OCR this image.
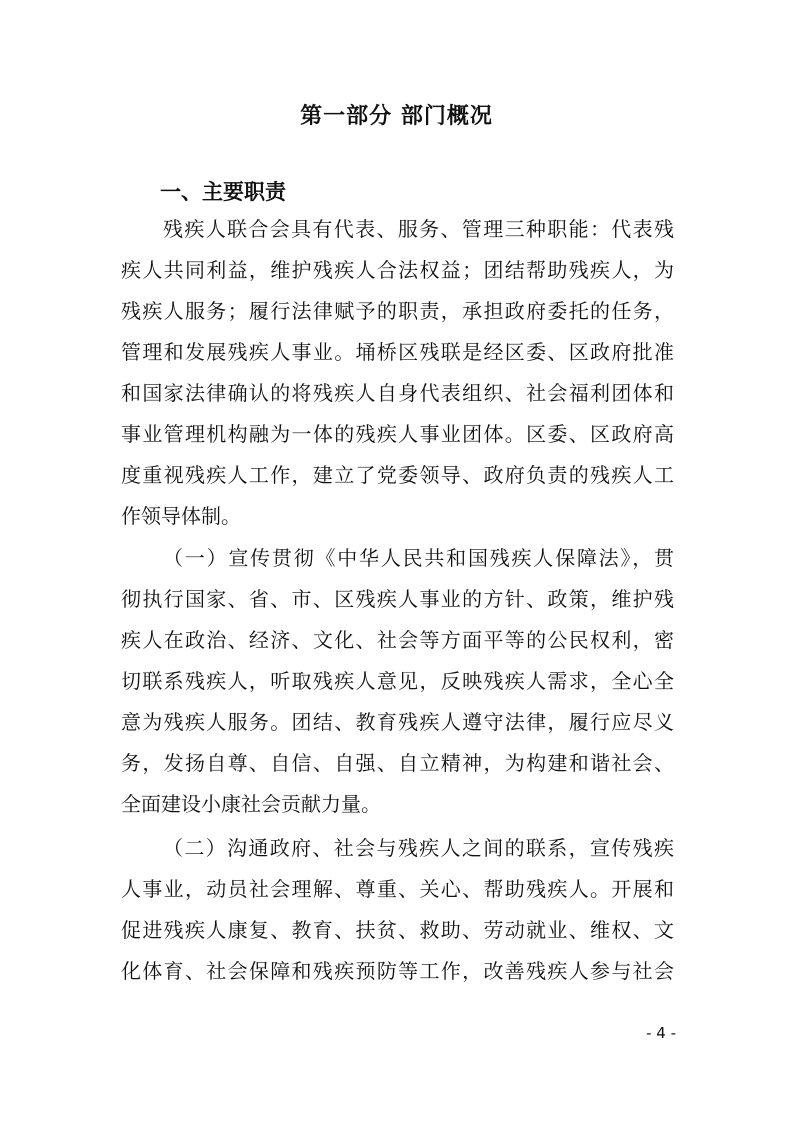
第一部分 部门概况
一、主要职责
残疾人联合会具有代表、服务、管理三种职能：代表残
疾人共同利益，维护残疾人合法权益；团结帮助残疾人，为
残疾人服务；履行法律赋予的职责，承担政府委托的任务，
管理和发展残疾人事业。埇桥区残联是经区委、区政府批准
和国家法律确认的将残疾人自身代表组织、社会福利团体和
事业管理机构融为一体的残疾人事业团体。区委、区政府高
度重视残疾人工作，建立了党委领导、政府负责的残疾人工
作领导体制。
（一）宣传贯彻《中华人民共和国残疾人保障法》，贯
彻执行国家、省、市、区残疾人事业的方针、政策，维护残
疾人在政治、经济、文化、社会等方面平等的公民权利，密
切联系残疾人，听取残疾人意见，反映残疾人需求，全心全
意为残疾人服务。团结、教育残疾人遵守法律，履行应尽义
务，发扬自尊、自信、自强、自立精神，为构建和谐社会、
全面建设小康社会贡献力量。
（二）沟通政府、社会与残疾人之间的联系，宣传残疾
人事业，动员社会理解、尊重、关心、帮助残疾人。开展和
促进残疾人康复、教育、扶贫、救助、劳动就业、维权、文
化体育、社会保障和残疾预防等工作，改善残疾人参与社会
- 4 -
